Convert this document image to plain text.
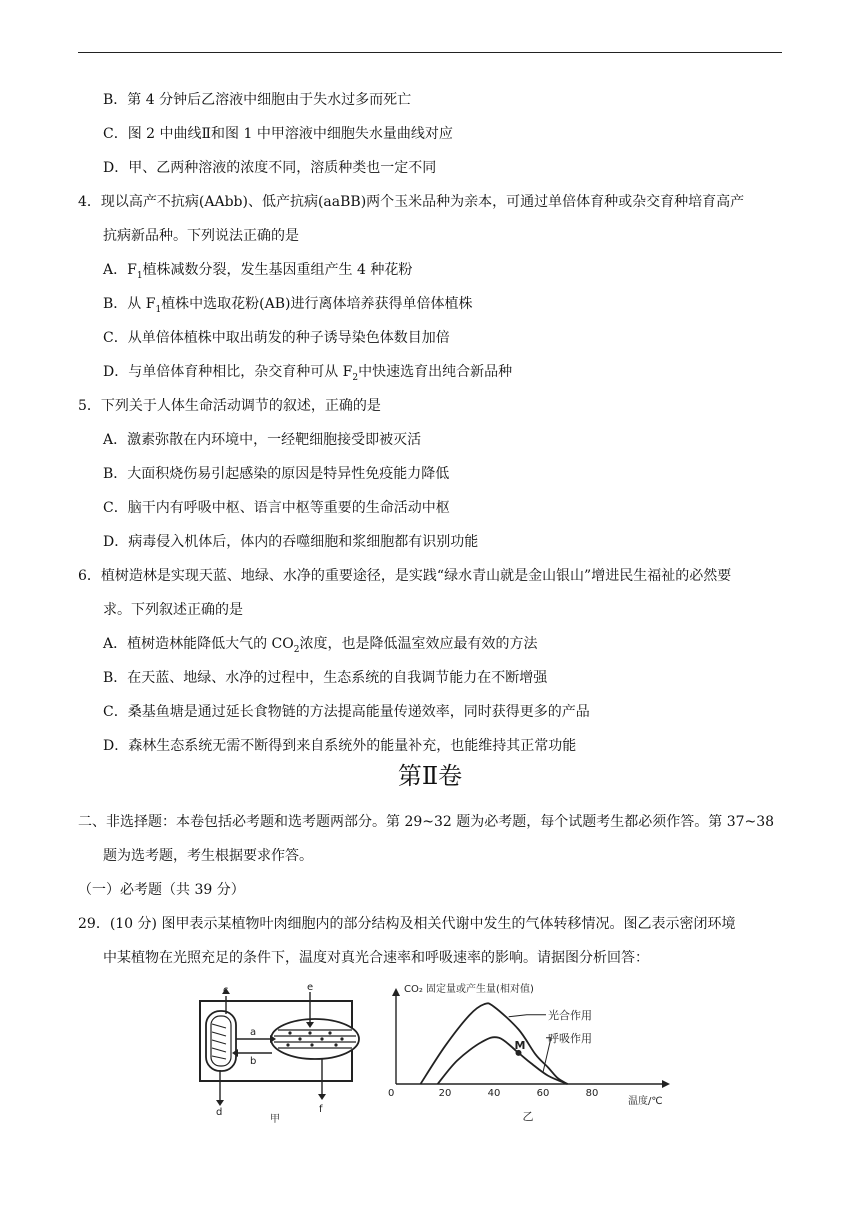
B．第 4 分钟后乙溶液中细胞由于失水过多而死亡
C．图 2 中曲线Ⅱ和图 1 中甲溶液中细胞失水量曲线对应
D．甲、乙两种溶液的浓度不同，溶质种类也一定不同
4．现以高产不抗病(AAbb)、低产抗病(aaBB)两个玉米品种为亲本，可通过单倍体育种或杂交育种培育高产
抗病新品种。下列说法正确的是
A．$F_1$植株减数分裂，发生基因重组产生 4 种花粉
B．从 $F_1$植株中选取花粉(AB)进行离体培养获得单倍体植株
C．从单倍体植株中取出萌发的种子诱导染色体数目加倍
D．与单倍体育种相比，杂交育种可从 $F_2$中快速选育出纯合新品种
5．下列关于人体生命活动调节的叙述，正确的是
A．激素弥散在内环境中，一经靶细胞接受即被灭活
B．大面积烧伤易引起感染的原因是特异性免疫能力降低
C．脑干内有呼吸中枢、语言中枢等重要的生命活动中枢
D．病毒侵入机体后，体内的吞噬细胞和浆细胞都有识别功能
6．植树造林是实现天蓝、地绿、水净的重要途径，是实践“绿水青山就是金山银山”增进民生福祉的必然要
求。下列叙述正确的是
A．植树造林能降低大气的 $CO_2$浓度，也是降低温室效应最有效的方法
B．在天蓝、地绿、水净的过程中，生态系统的自我调节能力在不断增强
C．桑基鱼塘是通过延长食物链的方法提高能量传递效率，同时获得更多的产品
D．森林生态系统无需不断得到来自系统外的能量补充，也能维持其正常功能
第Ⅱ卷
二、非选择题：本卷包括必考题和选考题两部分。第 29~32 题为必考题，每个试题考生都必须作答。第 37~38
题为选考题，考生根据要求作答。
（一）必考题（共 39 分）
29．(10 分) 图甲表示某植物叶肉细胞内的部分结构及相关代谢中发生的气体转移情况。图乙表示密闭环境
中某植物在光照充足的条件下，温度对真光合速率和呼吸速率的影响。请据图分析回答：
c	e
a
b
d	f
甲
CO₂ 固定量或产生量(相对值)
温度/℃
乙
0	20	40	60	80
光合作用
呼吸作用
M
